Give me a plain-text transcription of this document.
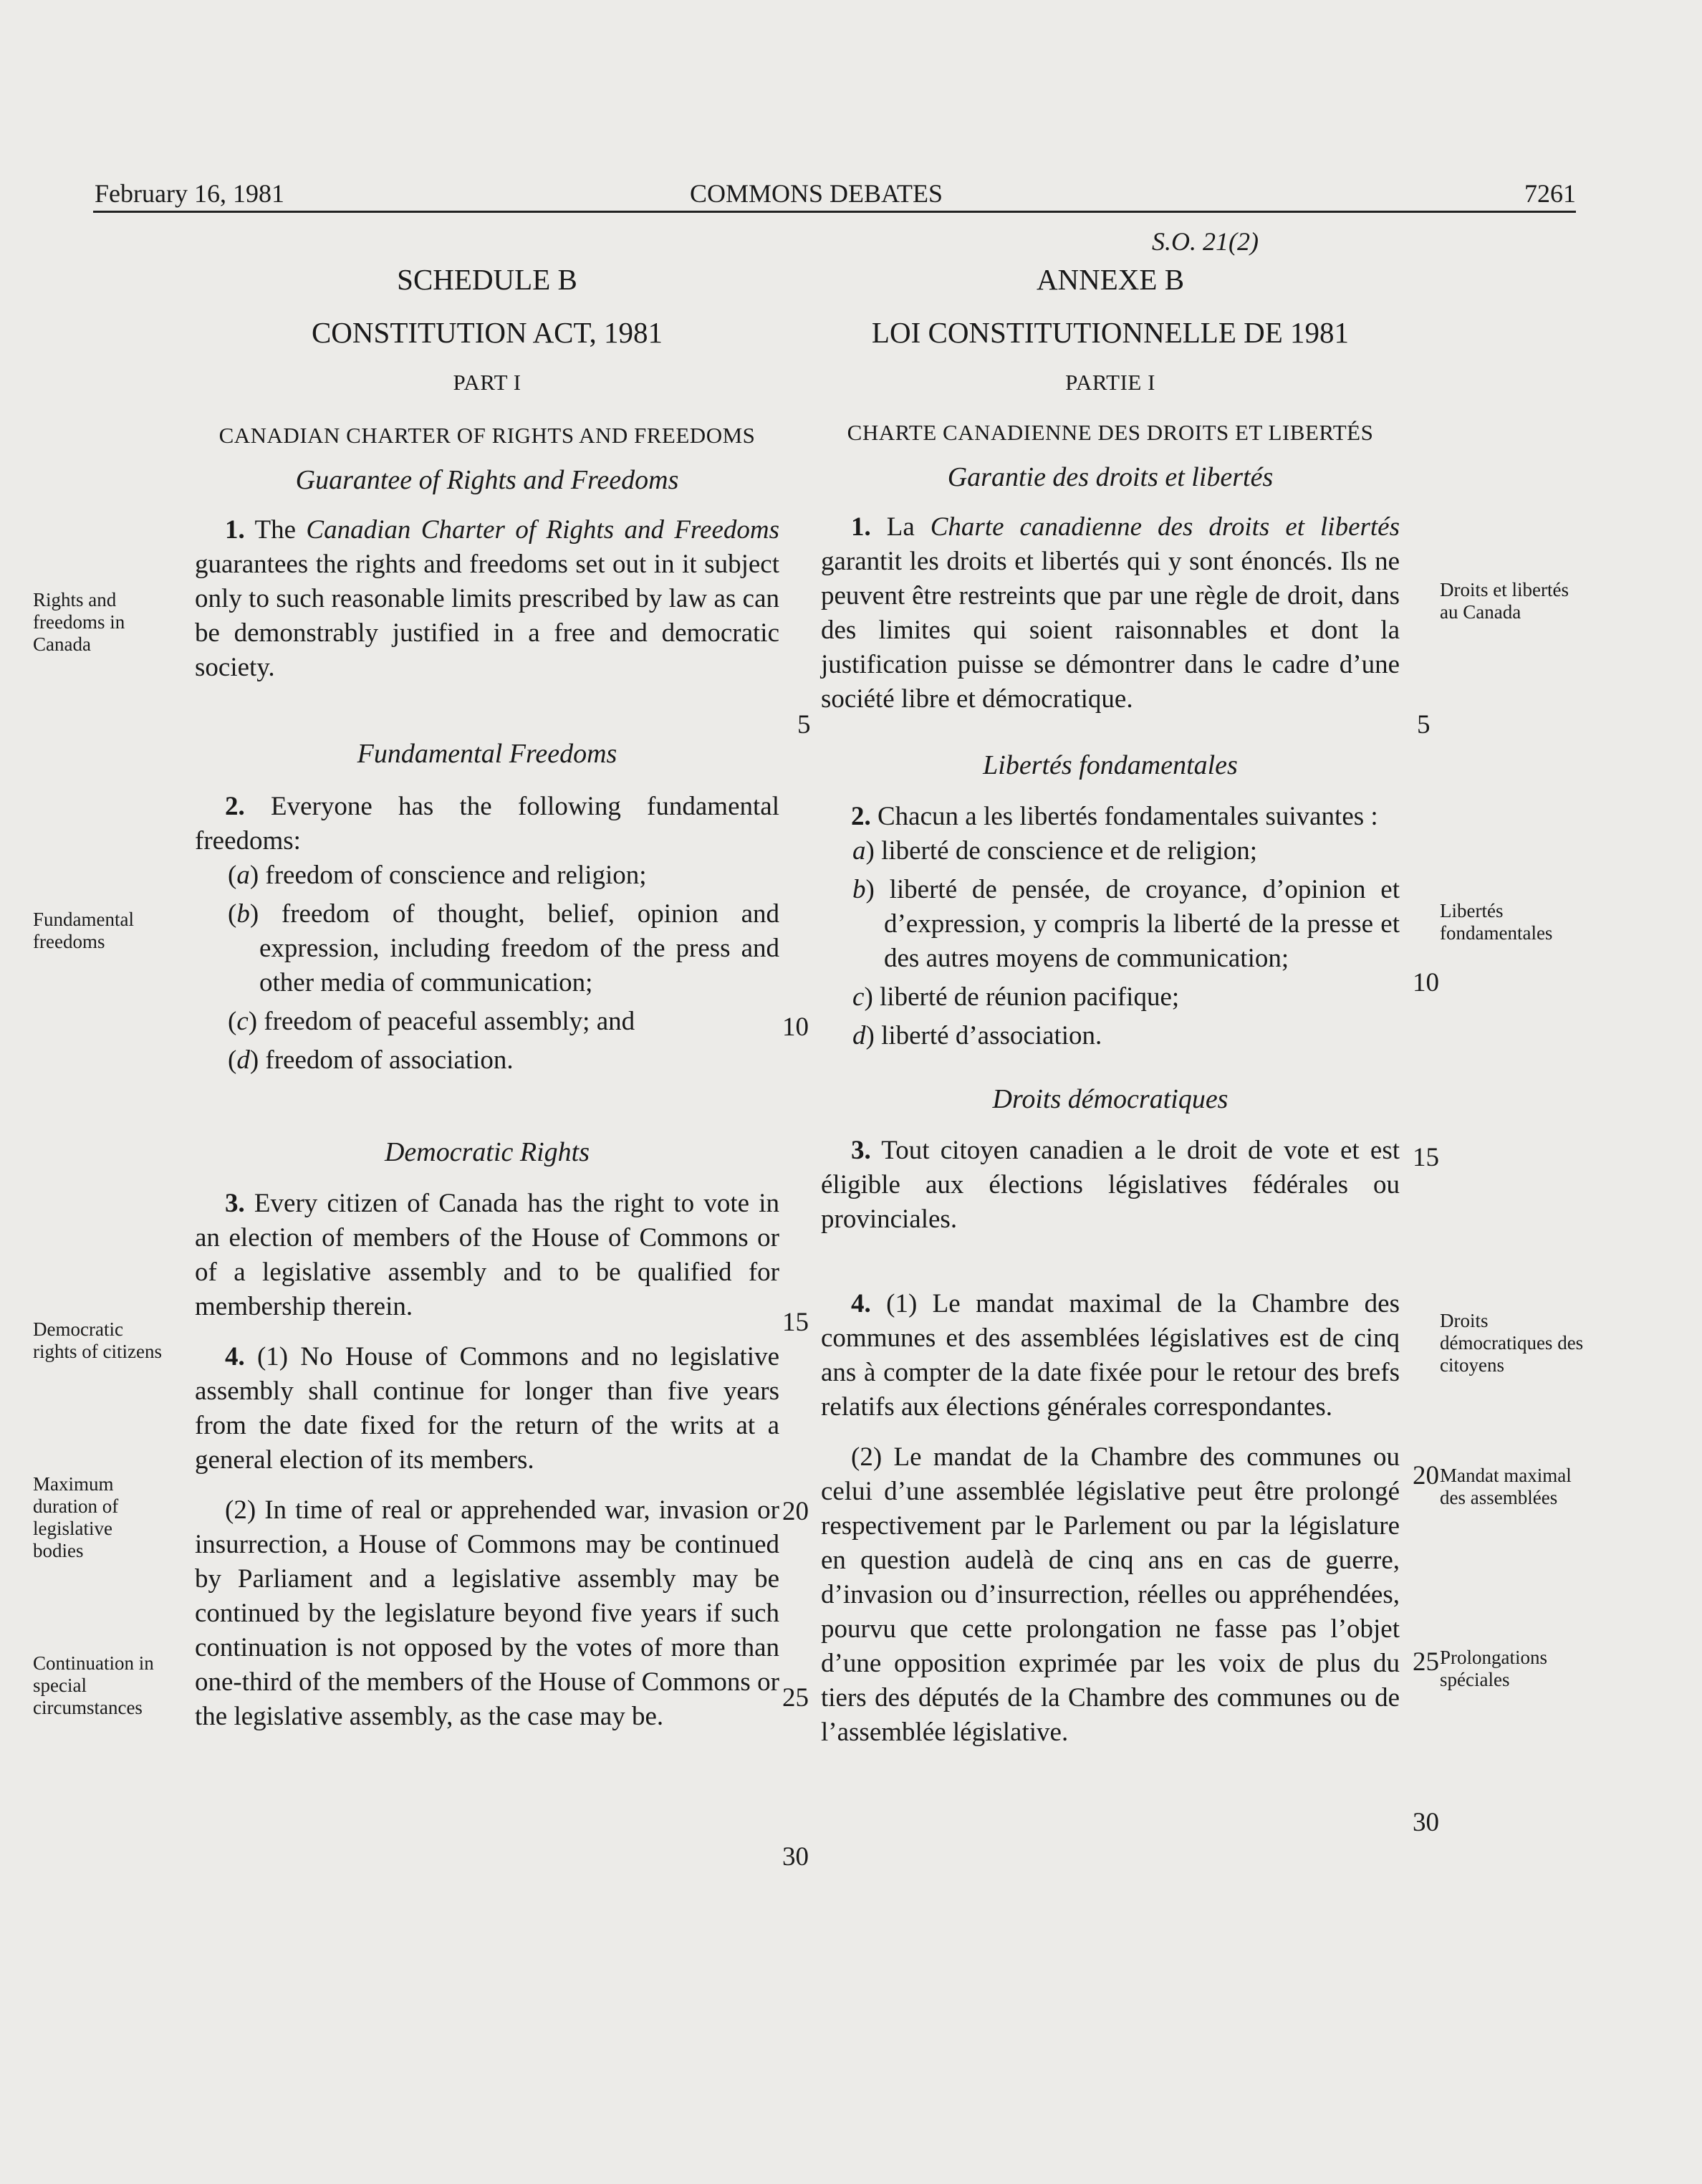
February 16, 1981	COMMONS DEBATES	7261
S.O. 21(2)
SCHEDULE B
CONSTITUTION ACT, 1981
PART I
CANADIAN CHARTER OF RIGHTS AND FREEDOMS
Guarantee of Rights and Freedoms

1. The Canadian Charter of Rights and Freedoms guarantees the rights and freedoms set out in it subject only to such reasonable limits prescribed by law as can be demonstrably justified in a free and democratic society.

Fundamental Freedoms

2. Everyone has the following fundamental freedoms:

(a) freedom of conscience and religion;

(b) freedom of thought, belief, opinion and expression, including freedom of the press and other media of communication;

(c) freedom of peaceful assembly; and

(d) freedom of association.

Democratic Rights

3. Every citizen of Canada has the right to vote in an election of members of the House of Commons or of a legislative assembly and to be qualified for membership therein.

4. (1) No House of Commons and no legislative assembly shall continue for longer than five years from the date fixed for the return of the writs at a general election of its members.

(2) In time of real or apprehended war, invasion or insurrection, a House of Commons may be continued by Parliament and a legislative assembly may be continued by the legislature beyond five years if such continuation is not opposed by the votes of more than one-third of the members of the House of Commons or the legislative assembly, as the case may be.

ANNEXE B
LOI CONSTITUTIONNELLE DE 1981
PARTIE I
CHARTE CANADIENNE DES DROITS ET LIBERTÉS
Garantie des droits et libertés

1. La Charte canadienne des droits et libertés garantit les droits et libertés qui y sont énoncés. Ils ne peuvent être restreints que par une règle de droit, dans des limites qui soient raisonnables et dont la justification puisse se démontrer dans le cadre d’une société libre et démocratique.

Libertés fondamentales

2. Chacun a les libertés fondamentales suivantes :

a) liberté de conscience et de religion;

b) liberté de pensée, de croyance, d’opinion et d’expression, y compris la liberté de la presse et des autres moyens de communication;

c) liberté de réunion pacifique;

d) liberté d’association.

Droits démocratiques

3. Tout citoyen canadien a le droit de vote et est éligible aux élections législatives fédérales ou provinciales.

4. (1) Le mandat maximal de la Chambre des communes et des assemblées législatives est de cinq ans à compter de la date fixée pour le retour des brefs relatifs aux élections générales correspondantes.

(2) Le mandat de la Chambre des communes ou celui d’une assemblée législative peut être prolongé respectivement par le Parlement ou par la législature en question audelà de cinq ans en cas de guerre, d’invasion ou d’insurrection, réelles ou appréhendées, pourvu que cette prolongation ne fasse pas l’objet d’une opposition exprimée par les voix de plus du tiers des députés de la Chambre des communes ou de l’assemblée législative.

Rights and freedoms in Canada
Fundamental freedoms
Democratic rights of citizens
Maximum duration of legislative bodies
Continuation in special circumstances
Droits et libertés au Canada
Libertés fondamentales
Droits démocratiques des citoyens
Mandat maximal des assemblées
Prolongations spéciales
5
10
15
20
25
30
5
10
15
20
25
30
